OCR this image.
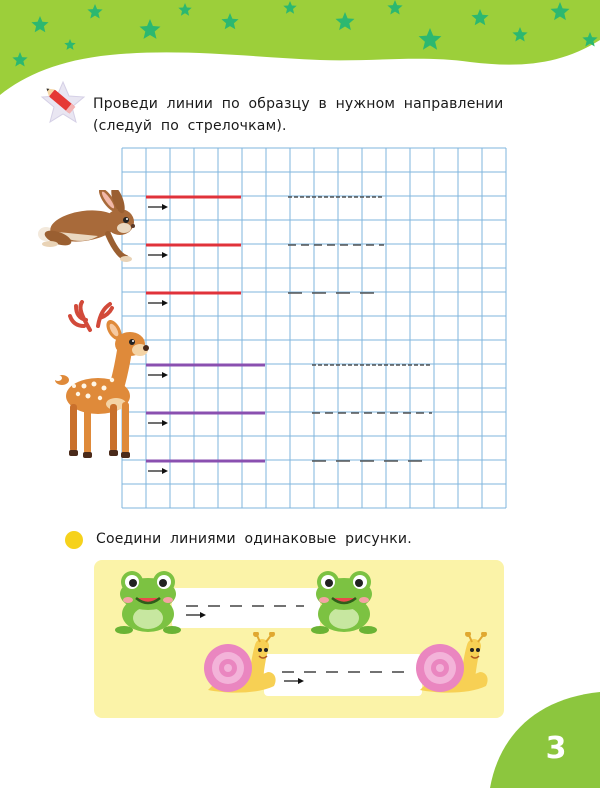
Проведи линии по образцу в нужном направлении
(следуй по стрелочкам).
Соедини линиями одинаковые рисунки.
3
